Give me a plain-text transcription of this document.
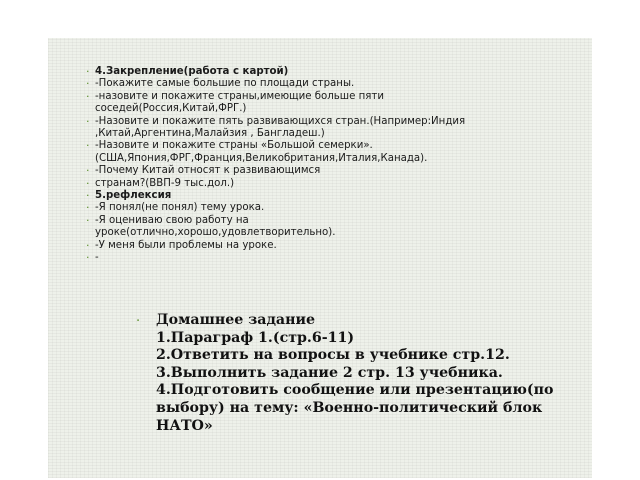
· 4.Закрепление(работа с картой)
· -Покажите самые большие по площади страны.
· -назовите и покажите страны,имеющие больше пяти соседей(Россия,Китай,ФРГ.)
· -Назовите и покажите пять развивающихся стран.(Например:Индия ,Китай,Аргентина,Малайзия , Бангладеш.)
· -Назовите и покажите страны «Большой семерки». (США,Япония,ФРГ,Франция,Великобритания,Италия,Канада).
· -Почему Китай относят к развивающимся
· странам?(ВВП-9 тыс.дол.)
· 5.рефлексия
· -Я понял(не понял) тему урока.
· -Я оцениваю свою работу на уроке(отлично,хорошо,удовлетворительно).
· -У меня были проблемы на уроке.
· -
· Домашнее задание
1.Параграф 1.(стр.6-11)
2.Ответить на вопросы в учебнике стр.12.
3.Выполнить задание 2 стр. 13 учебника.
4.Подготовить сообщение или презентацию(по выбору) на тему: «Военно-политический блок НАТО»
